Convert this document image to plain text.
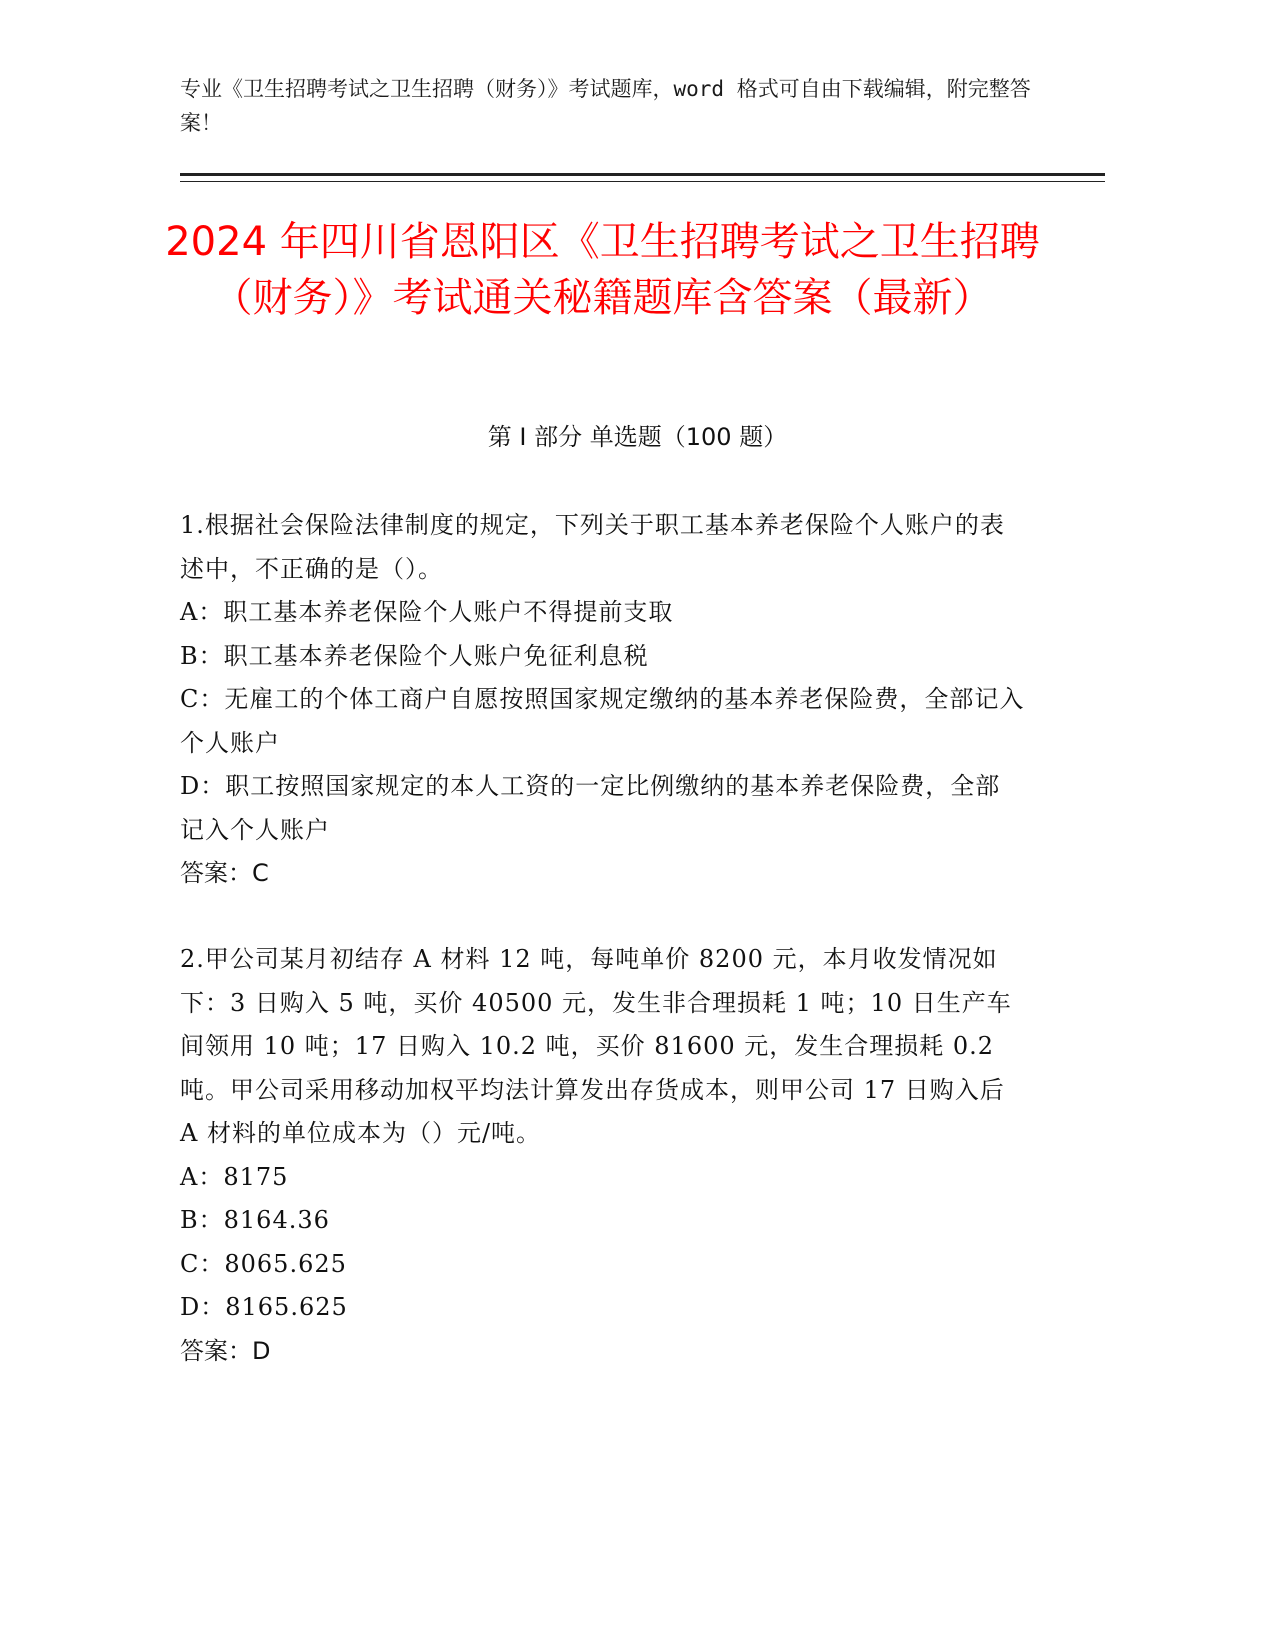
专业《卫生招聘考试之卫生招聘（财务）》考试题库，word 格式可自由下载编辑，附完整答案！
2024 年四川省恩阳区《卫生招聘考试之卫生招聘（财务）》考试通关秘籍题库含答案（最新）
第 I 部分 单选题（100 题）

1.根据社会保险法律制度的规定，下列关于职工基本养老保险个人账户的表述中，不正确的是（）。

A：职工基本养老保险个人账户不得提前支取

B：职工基本养老保险个人账户免征利息税

C：无雇工的个体工商户自愿按照国家规定缴纳的基本养老保险费，全部记入个人账户

D：职工按照国家规定的本人工资的一定比例缴纳的基本养老保险费，全部记入个人账户

答案：C

2.甲公司某月初结存 A 材料 12 吨，每吨单价 8200 元，本月收发情况如下：3 日购入 5 吨，买价 40500 元，发生非合理损耗 1 吨；10 日生产车间领用 10 吨；17 日购入 10.2 吨，买价 81600 元，发生合理损耗 0.2 吨。甲公司采用移动加权平均法计算发出存货成本，则甲公司 17 日购入后 A 材料的单位成本为（）元/吨。

A：8175

B：8164.36

C：8065.625

D：8165.625

答案：D
